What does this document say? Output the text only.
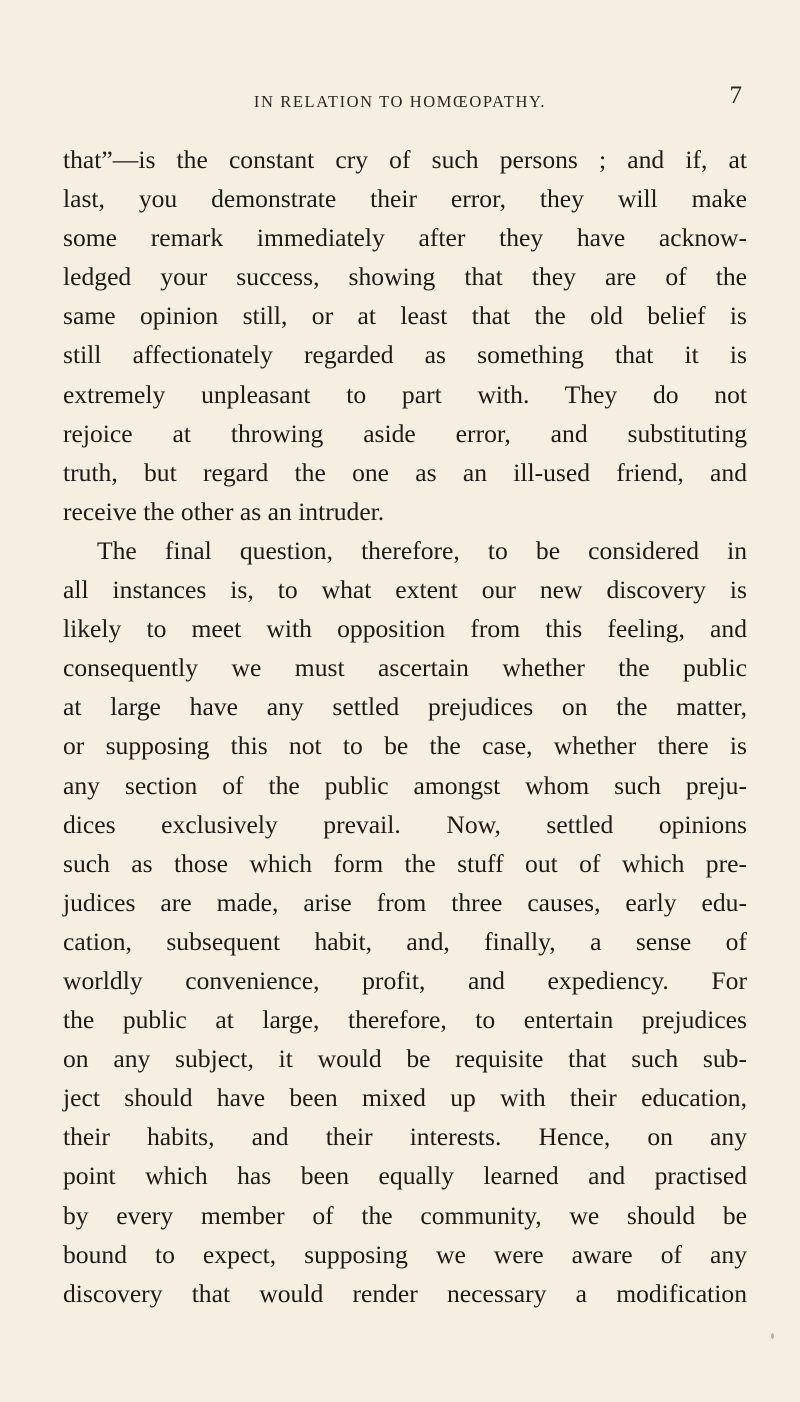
IN RELATION TO HOMŒOPATHY.	7
that”—is the constant cry of such persons ; and if, at
last, you demonstrate their error, they will make
some remark immediately after they have acknow-
ledged your success, showing that they are of the
same opinion still, or at least that the old belief is
still affectionately regarded as something that it is
extremely unpleasant to part with. They do not
rejoice at throwing aside error, and substituting
truth, but regard the one as an ill-used friend, and
receive the other as an intruder.
The final question, therefore, to be considered in
all instances is, to what extent our new discovery is
likely to meet with opposition from this feeling, and
consequently we must ascertain whether the public
at large have any settled prejudices on the matter,
or supposing this not to be the case, whether there is
any section of the public amongst whom such preju-
dices exclusively prevail. Now, settled opinions
such as those which form the stuff out of which pre-
judices are made, arise from three causes, early edu-
cation, subsequent habit, and, finally, a sense of
worldly convenience, profit, and expediency. For
the public at large, therefore, to entertain prejudices
on any subject, it would be requisite that such sub-
ject should have been mixed up with their education,
their habits, and their interests. Hence, on any
point which has been equally learned and practised
by every member of the community, we should be
bound to expect, supposing we were aware of any
discovery that would render necessary a modification
